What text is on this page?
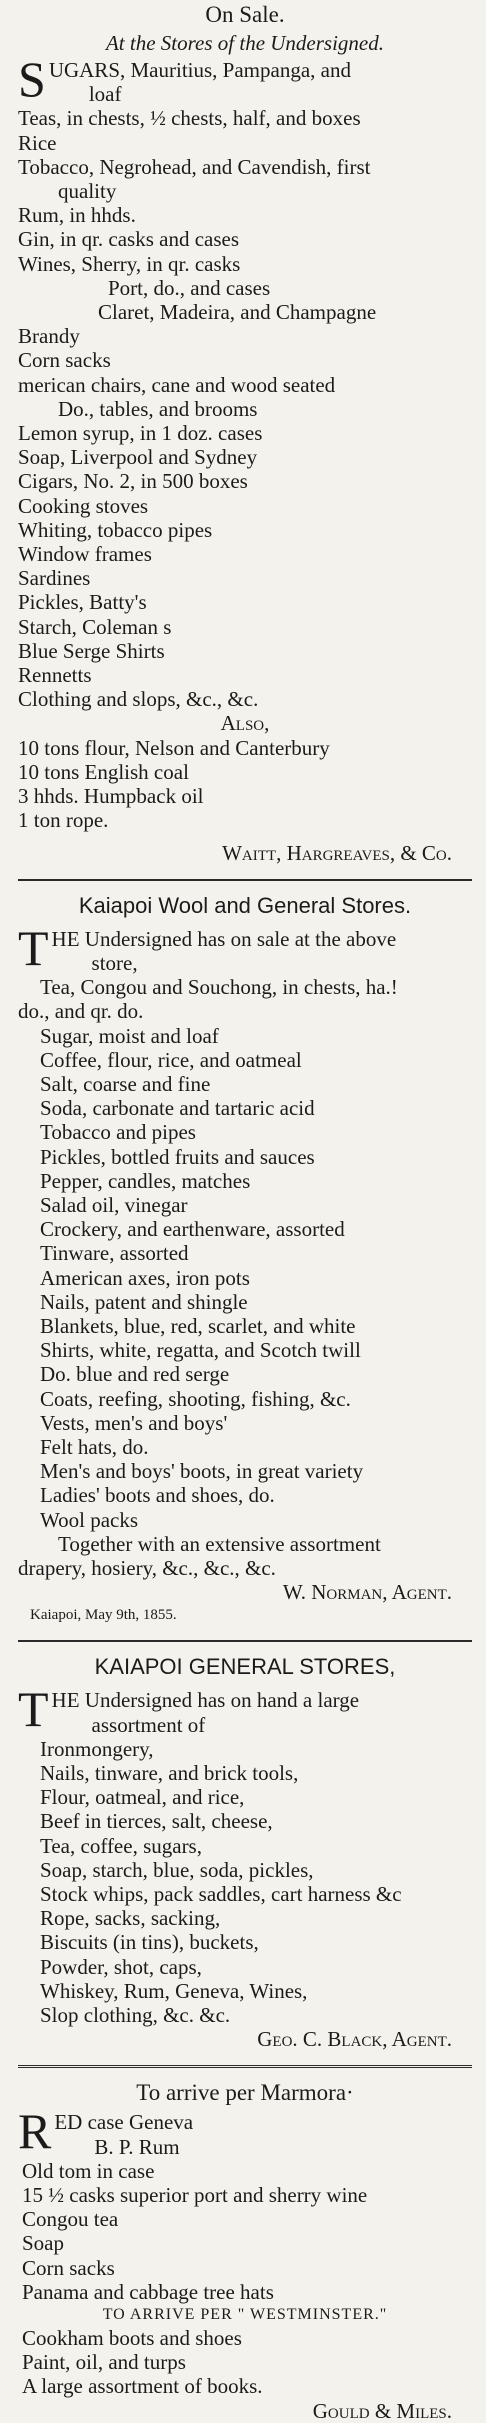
On Sale.
At the Stores of the Undersigned.
S UGARS, Mauritius, Pampanga, and
loaf
Teas, in chests, ½ chests, half, and boxes
Rice
Tobacco, Negrohead, and Cavendish, first
quality
Rum, in hhds.
Gin, in qr. casks and cases
Wines, Sherry, in qr. casks
Port, do., and cases
Claret, Madeira, and Champagne
Brandy
Corn sacks
merican chairs, cane and wood seated
Do., tables, and brooms
Lemon syrup, in 1 doz. cases
Soap, Liverpool and Sydney
Cigars, No. 2, in 500 boxes
Cooking stoves
Whiting, tobacco pipes
Window frames
Sardines
Pickles, Batty's
Starch, Coleman s
Blue Serge Shirts
Rennetts
Clothing and slops, &c., &c.
Also,
10 tons flour, Nelson and Canterbury
10 tons English coal
3 hhds. Humpback oil
1 ton rope.
Waitt, Hargreaves, & Co.
Kaiapoi Wool and General Stores.
T HE Undersigned has on sale at the above
store,
Tea, Congou and Souchong, in chests, ha.!
do., and qr. do.
Sugar, moist and loaf
Coffee, flour, rice, and oatmeal
Salt, coarse and fine
Soda, carbonate and tartaric acid
Tobacco and pipes
Pickles, bottled fruits and sauces
Pepper, candles, matches
Salad oil, vinegar
Crockery, and earthenware, assorted
Tinware, assorted
American axes, iron pots
Nails, patent and shingle
Blankets, blue, red, scarlet, and white
Shirts, white, regatta, and Scotch twill
Do. blue and red serge
Coats, reefing, shooting, fishing, &c.
Vests, men's and boys'
Felt hats, do.
Men's and boys' boots, in great variety
Ladies' boots and shoes, do.
Wool packs
Together with an extensive assortment
drapery, hosiery, &c., &c., &c.
W. Norman, Agent.
Kaiapoi, May 9th, 1855.
KAIAPOI GENERAL STORES,
T HE Undersigned has on hand a large
assortment of
Ironmongery,
Nails, tinware, and brick tools,
Flour, oatmeal, and rice,
Beef in tierces, salt, cheese,
Tea, coffee, sugars,
Soap, starch, blue, soda, pickles,
Stock whips, pack saddles, cart harness &c
Rope, sacks, sacking,
Biscuits (in tins), buckets,
Powder, shot, caps,
Whiskey, Rum, Geneva, Wines,
Slop clothing, &c. &c.
Geo. C. Black, Agent.
To arrive per Marmora·
R ED case Geneva
B. P. Rum
Old tom in case
15 ½ casks superior port and sherry wine
Congou tea
Soap
Corn sacks
Panama and cabbage tree hats
TO ARRIVE PER " WESTMINSTER."
Cookham boots and shoes
Paint, oil, and turps
A large assortment of books.
Gould & Miles.
